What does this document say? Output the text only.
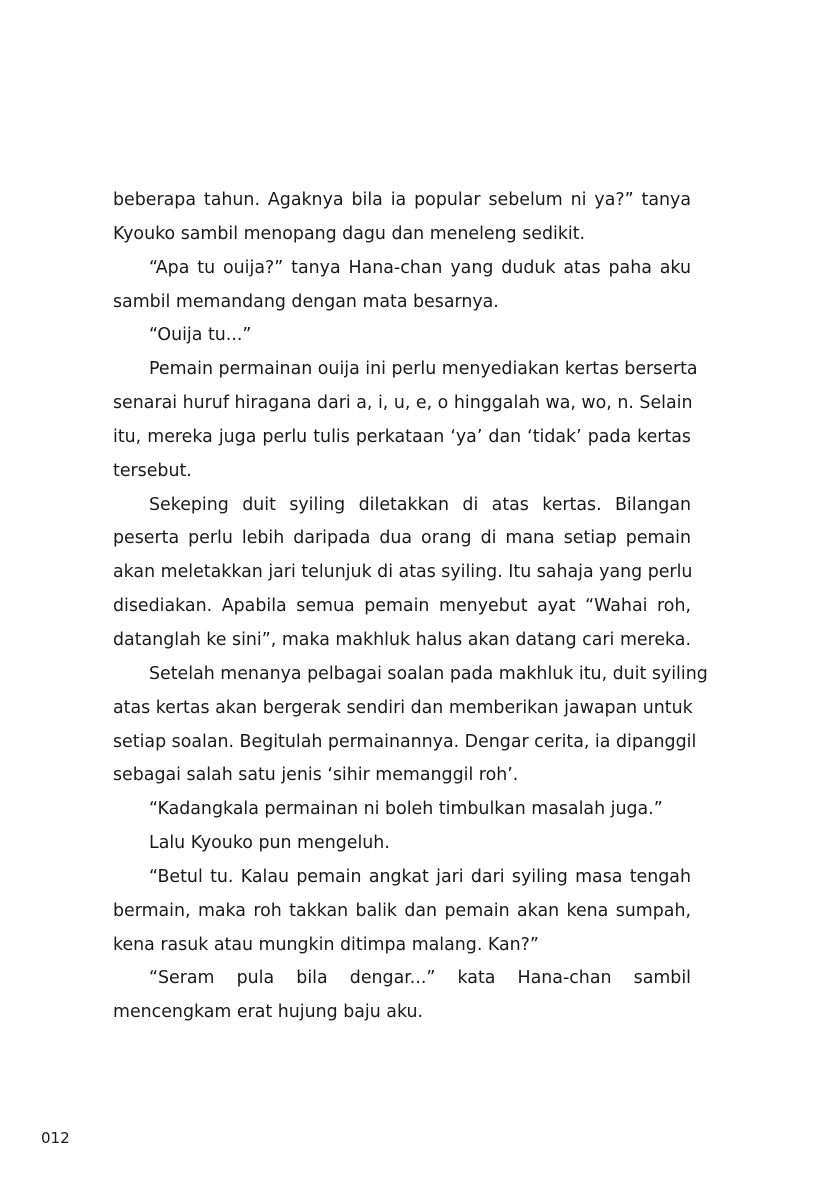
beberapa tahun. Agaknya bila ia popular sebelum ni ya?” tanya
Kyouko sambil menopang dagu dan meneleng sedikit.
“Apa tu ouija?” tanya Hana-chan yang duduk atas paha aku
sambil memandang dengan mata besarnya.
“Ouija tu...”
Pemain permainan ouija ini perlu menyediakan kertas berserta
senarai huruf hiragana dari a, i, u, e, o hinggalah wa, wo, n. Selain
itu, mereka juga perlu tulis perkataan ‘ya’ dan ‘tidak’ pada kertas
tersebut.
Sekeping duit syiling diletakkan di atas kertas. Bilangan
peserta perlu lebih daripada dua orang di mana setiap pemain
akan meletakkan jari telunjuk di atas syiling. Itu sahaja yang perlu
disediakan. Apabila semua pemain menyebut ayat “Wahai roh,
datanglah ke sini”, maka makhluk halus akan datang cari mereka.
Setelah menanya pelbagai soalan pada makhluk itu, duit syiling
atas kertas akan bergerak sendiri dan memberikan jawapan untuk
setiap soalan. Begitulah permainannya. Dengar cerita, ia dipanggil
sebagai salah satu jenis ‘sihir memanggil roh’.
“Kadangkala permainan ni boleh timbulkan masalah juga.”
Lalu Kyouko pun mengeluh.
“Betul tu. Kalau pemain angkat jari dari syiling masa tengah
bermain, maka roh takkan balik dan pemain akan kena sumpah,
kena rasuk atau mungkin ditimpa malang. Kan?”
“Seram pula bila dengar...” kata Hana-chan sambil
mencengkam erat hujung baju aku.
012
